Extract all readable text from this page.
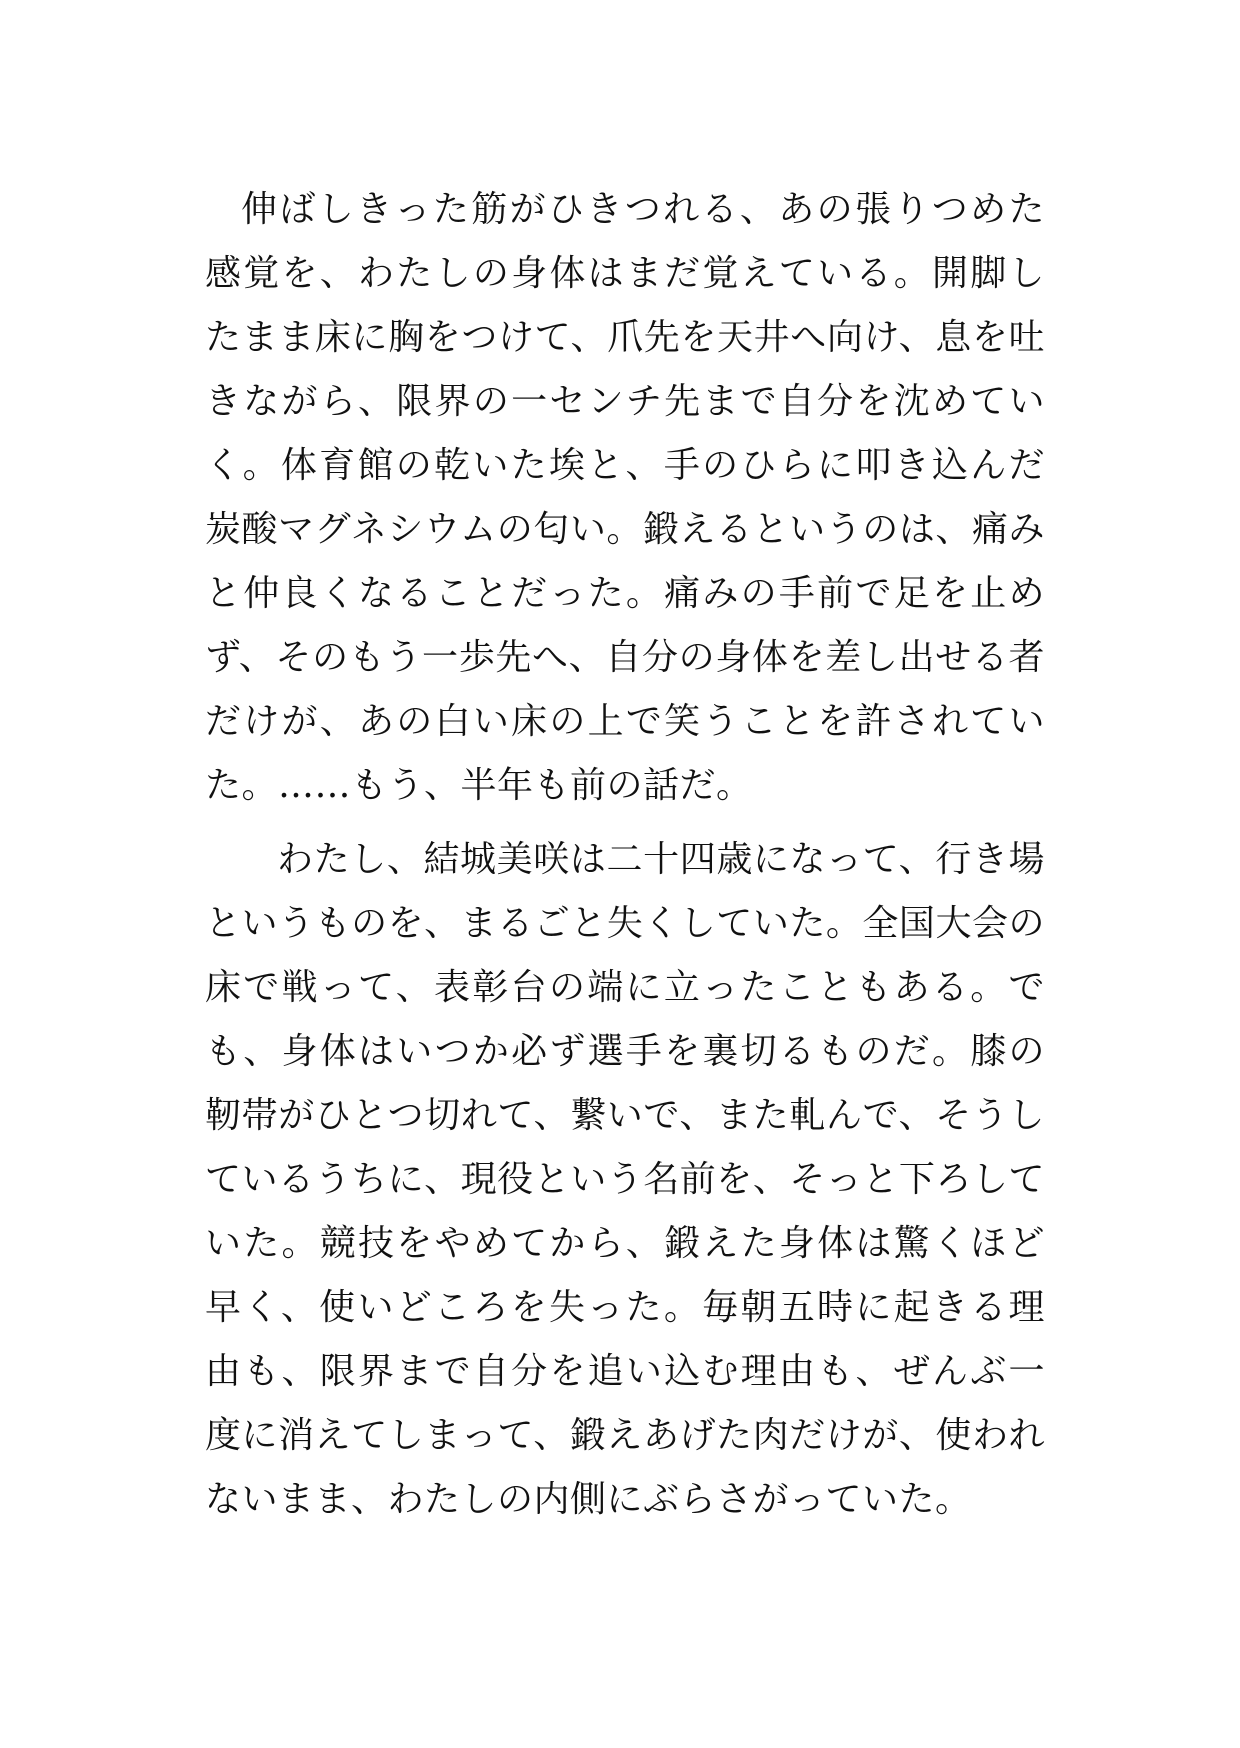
伸ばしきった筋がひきつれる、あの張りつめた
感覚を、わたしの身体はまだ覚えている。開脚し
たまま床に胸をつけて、爪先を天井へ向け、息を吐
きながら、限界の一センチ先まで自分を沈めてい
く。体育館の乾いた埃と、手のひらに叩き込んだ
炭酸マグネシウムの匂い。鍛えるというのは、痛み
と仲良くなることだった。痛みの手前で足を止め
ず、そのもう一歩先へ、自分の身体を差し出せる者
だけが、あの白い床の上で笑うことを許されてい
た。……もう、半年も前の話だ。

わたし、結城美咲は二十四歳になって、行き場
というものを、まるごと失くしていた。全国大会の
床で戦って、表彰台の端に立ったこともある。で
も、身体はいつか必ず選手を裏切るものだ。膝の
靭帯がひとつ切れて、繋いで、また軋んで、そうし
ているうちに、現役という名前を、そっと下ろして
いた。競技をやめてから、鍛えた身体は驚くほど
早く、使いどころを失った。毎朝五時に起きる理
由も、限界まで自分を追い込む理由も、ぜんぶ一
度に消えてしまって、鍛えあげた肉だけが、使われ
ないまま、わたしの内側にぶらさがっていた。
